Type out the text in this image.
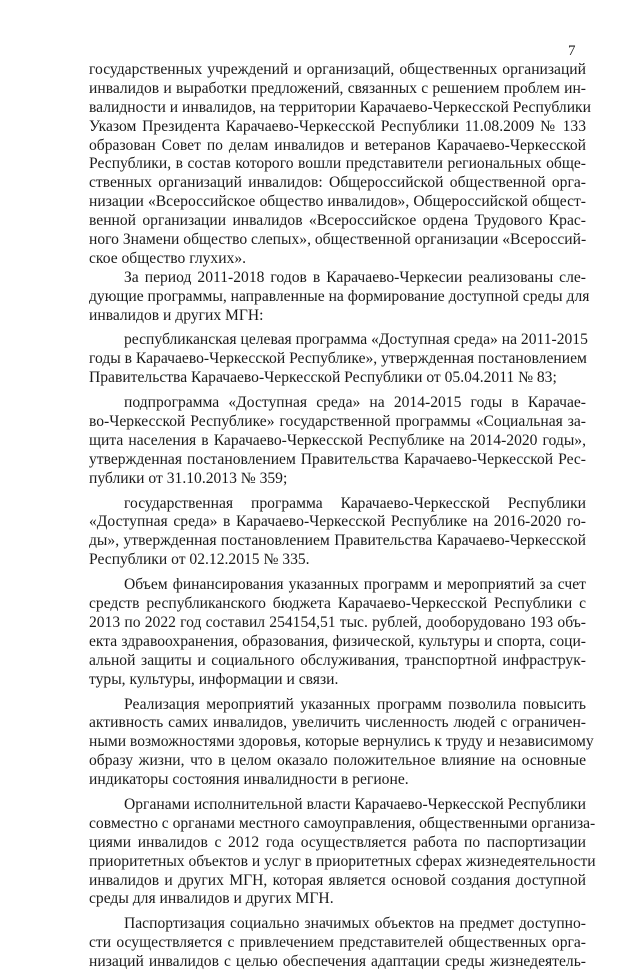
7
государственных учреждений и организаций, общественных организаций
инвалидов и выработки предложений, связанных с решением проблем ин-
валидности и инвалидов, на территории Карачаево-Черкесской Республики
Указом Президента Карачаево-Черкесской Республики 11.08.2009 № 133
образован Совет по делам инвалидов и ветеранов Карачаево-Черкесской
Республики, в состав которого вошли представители региональных обще-
ственных организаций инвалидов: Общероссийской общественной орга-
низации «Всероссийское общество инвалидов», Общероссийской общест-
венной организации инвалидов «Всероссийское ордена Трудового Крас-
ного Знамени общество слепых», общественной организации «Всероссий-
ское общество глухих».
За период 2011-2018 годов в Карачаево-Черкесии реализованы сле-
дующие программы, направленные на формирование доступной среды для
инвалидов и других МГН:
республиканская целевая программа «Доступная среда» на 2011-2015
годы в Карачаево-Черкесской Республике», утвержденная постановлением
Правительства Карачаево-Черкесской Республики от 05.04.2011 № 83;
подпрограмма «Доступная среда» на 2014-2015 годы в Карачае-
во-Черкесской Республике» государственной программы «Социальная за-
щита населения в Карачаево-Черкесской Республике на 2014-2020 годы»,
утвержденная постановлением Правительства Карачаево-Черкесской Рес-
публики от 31.10.2013 № 359;
государственная программа Карачаево-Черкесской Республики
«Доступная среда» в Карачаево-Черкесской Республике на 2016-2020 го-
ды», утвержденная постановлением Правительства Карачаево-Черкесской
Республики от 02.12.2015 № 335.
Объем финансирования указанных программ и мероприятий за счет
средств республиканского бюджета Карачаево-Черкесской Республики с
2013 по 2022 год составил 254154,51 тыс. рублей, дооборудовано 193 объ-
екта здравоохранения, образования, физической, культуры и спорта, соци-
альной защиты и социального обслуживания, транспортной инфраструк-
туры, культуры, информации и связи.
Реализация мероприятий указанных программ позволила повысить
активность самих инвалидов, увеличить численность людей с ограничен-
ными возможностями здоровья, которые вернулись к труду и независимому
образу жизни, что в целом оказало положительное влияние на основные
индикаторы состояния инвалидности в регионе.
Органами исполнительной власти Карачаево-Черкесской Республики
совместно с органами местного самоуправления, общественными организа-
циями инвалидов с 2012 года осуществляется работа по паспортизации
приоритетных объектов и услуг в приоритетных сферах жизнедеятельности
инвалидов и других МГН, которая является основой создания доступной
среды для инвалидов и других МГН.
Паспортизация социально значимых объектов на предмет доступно-
сти осуществляется с привлечением представителей общественных орга-
низаций инвалидов с целью обеспечения адаптации среды жизнедеятель-
